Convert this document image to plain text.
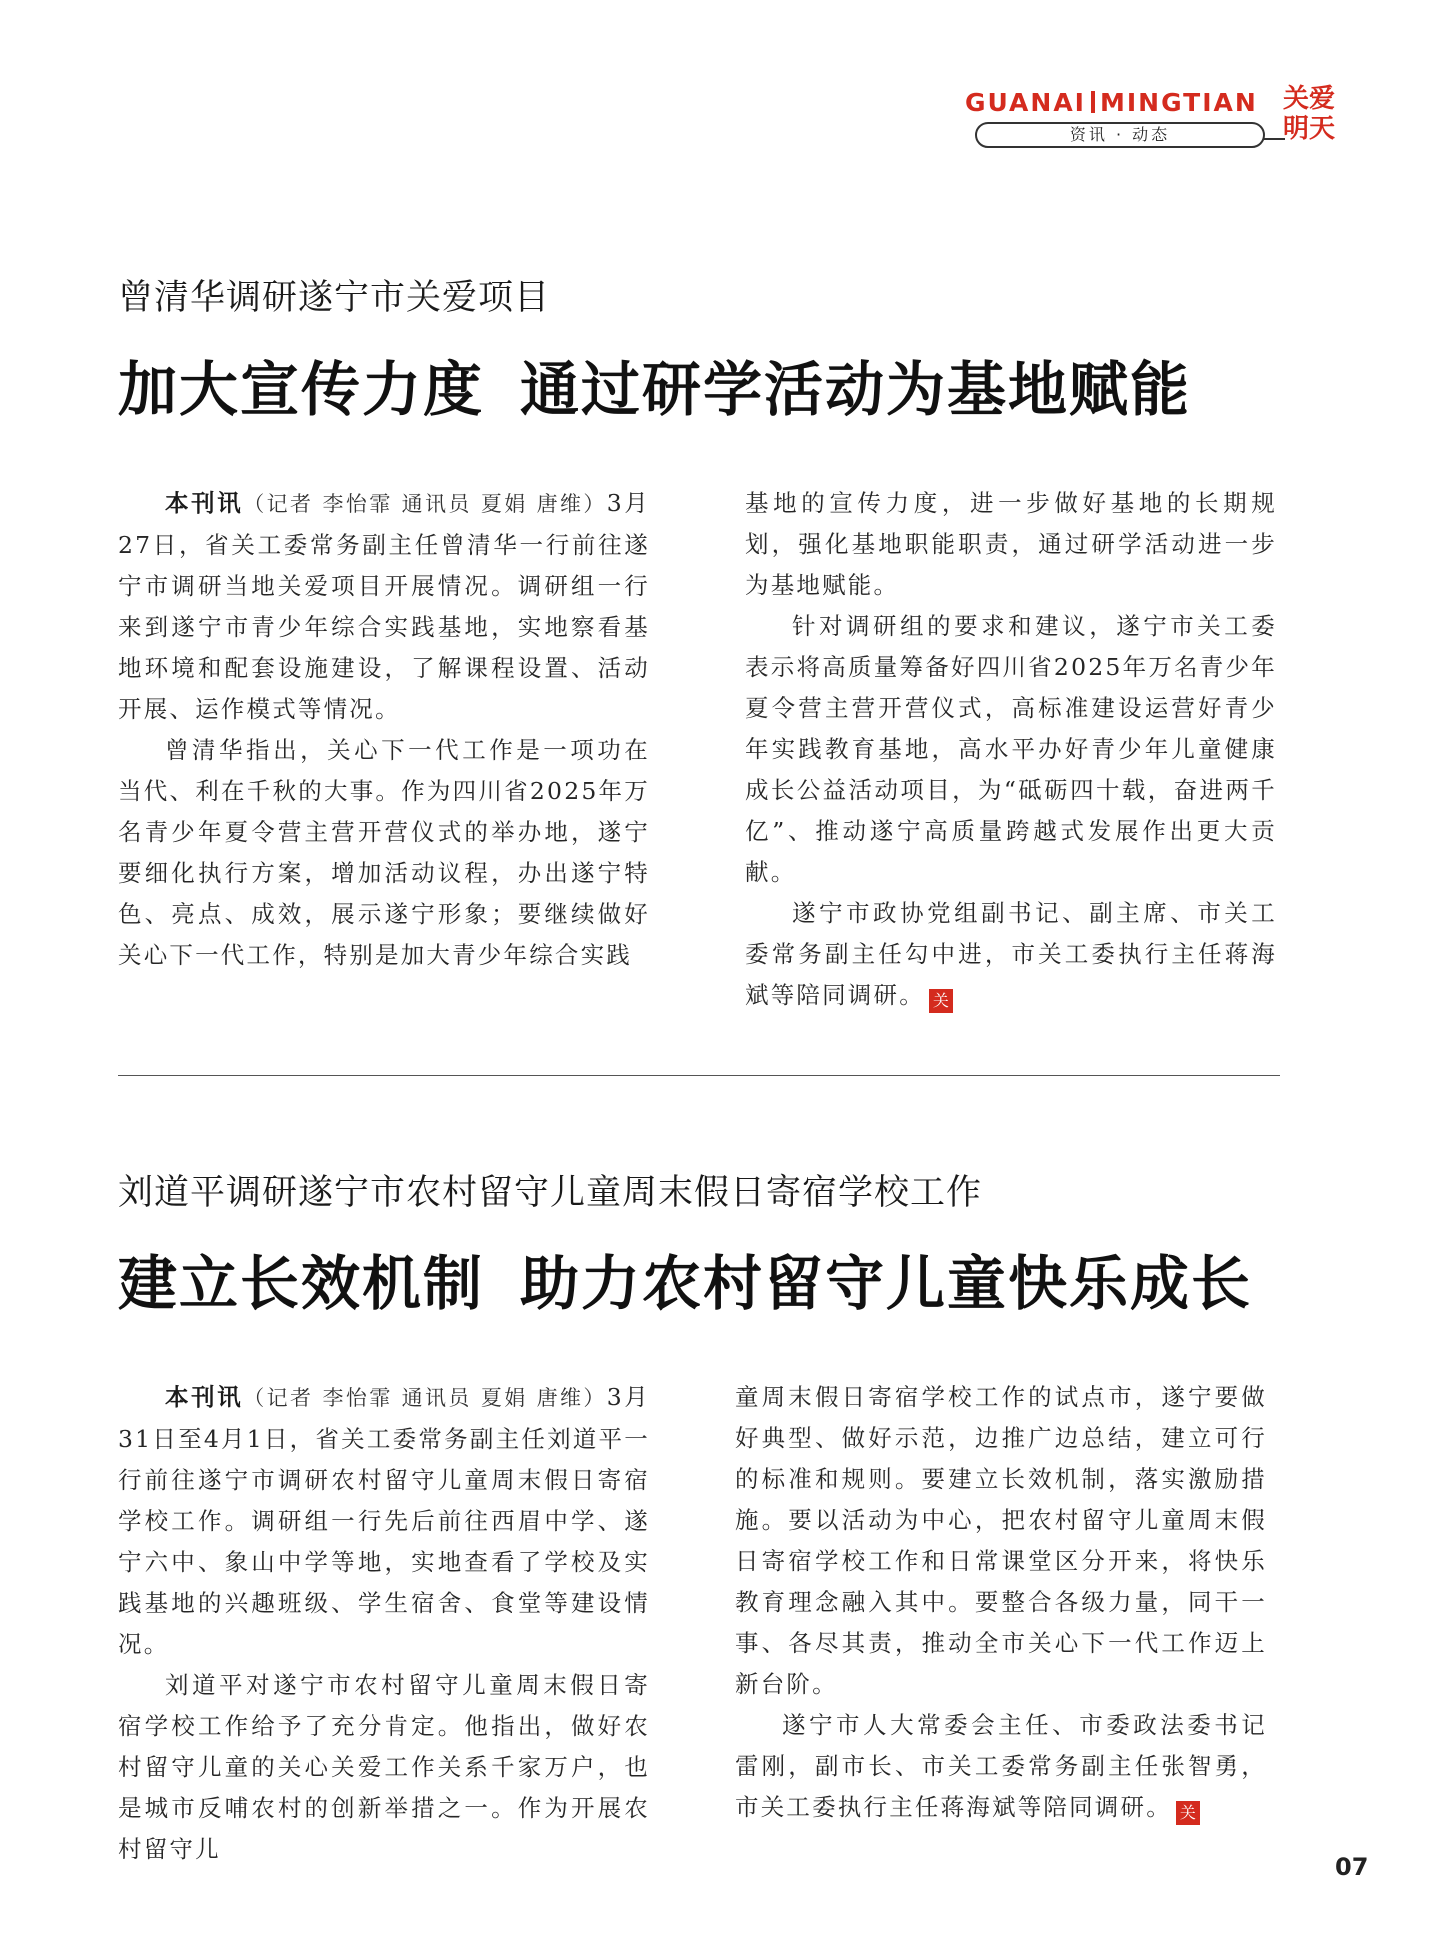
GUANAI MINGTIAN
资讯 · 动态
关爱
明天
曾清华调研遂宁市关爱项目
加大宣传力度 通过研学活动为基地赋能

本刊讯（记者 李怡霏 通讯员 夏娟 唐维）3月27日，省关工委常务副主任曾清华一行前往遂宁市调研当地关爱项目开展情况。调研组一行来到遂宁市青少年综合实践基地，实地察看基地环境和配套设施建设，了解课程设置、活动开展、运作模式等情况。

曾清华指出，关心下一代工作是一项功在当代、利在千秋的大事。作为四川省2025年万名青少年夏令营主营开营仪式的举办地，遂宁要细化执行方案，增加活动议程，办出遂宁特色、亮点、成效，展示遂宁形象；要继续做好关心下一代工作，特别是加大青少年综合实践

基地的宣传力度，进一步做好基地的长期规划，强化基地职能职责，通过研学活动进一步为基地赋能。

针对调研组的要求和建议，遂宁市关工委表示将高质量筹备好四川省2025年万名青少年夏令营主营开营仪式，高标准建设运营好青少年实践教育基地，高水平办好青少年儿童健康成长公益活动项目，为“砥砺四十载，奋进两千亿”、推动遂宁高质量跨越式发展作出更大贡献。

遂宁市政协党组副书记、副主席、市关工委常务副主任勾中进，市关工委执行主任蒋海斌等陪同调研。 关

刘道平调研遂宁市农村留守儿童周末假日寄宿学校工作
建立长效机制 助力农村留守儿童快乐成长

本刊讯（记者 李怡霏 通讯员 夏娟 唐维）3月31日至4月1日，省关工委常务副主任刘道平一行前往遂宁市调研农村留守儿童周末假日寄宿学校工作。调研组一行先后前往西眉中学、遂宁六中、象山中学等地，实地查看了学校及实践基地的兴趣班级、学生宿舍、食堂等建设情况。

刘道平对遂宁市农村留守儿童周末假日寄宿学校工作给予了充分肯定。他指出，做好农村留守儿童的关心关爱工作关系千家万户，也是城市反哺农村的创新举措之一。作为开展农村留守儿

童周末假日寄宿学校工作的试点市，遂宁要做好典型、做好示范，边推广边总结，建立可行的标准和规则。要建立长效机制，落实激励措施。要以活动为中心，把农村留守儿童周末假日寄宿学校工作和日常课堂区分开来，将快乐教育理念融入其中。要整合各级力量，同干一事、各尽其责，推动全市关心下一代工作迈上新台阶。

遂宁市人大常委会主任、市委政法委书记雷刚，副市长、市关工委常务副主任张智勇，市关工委执行主任蒋海斌等陪同调研。 关

07
